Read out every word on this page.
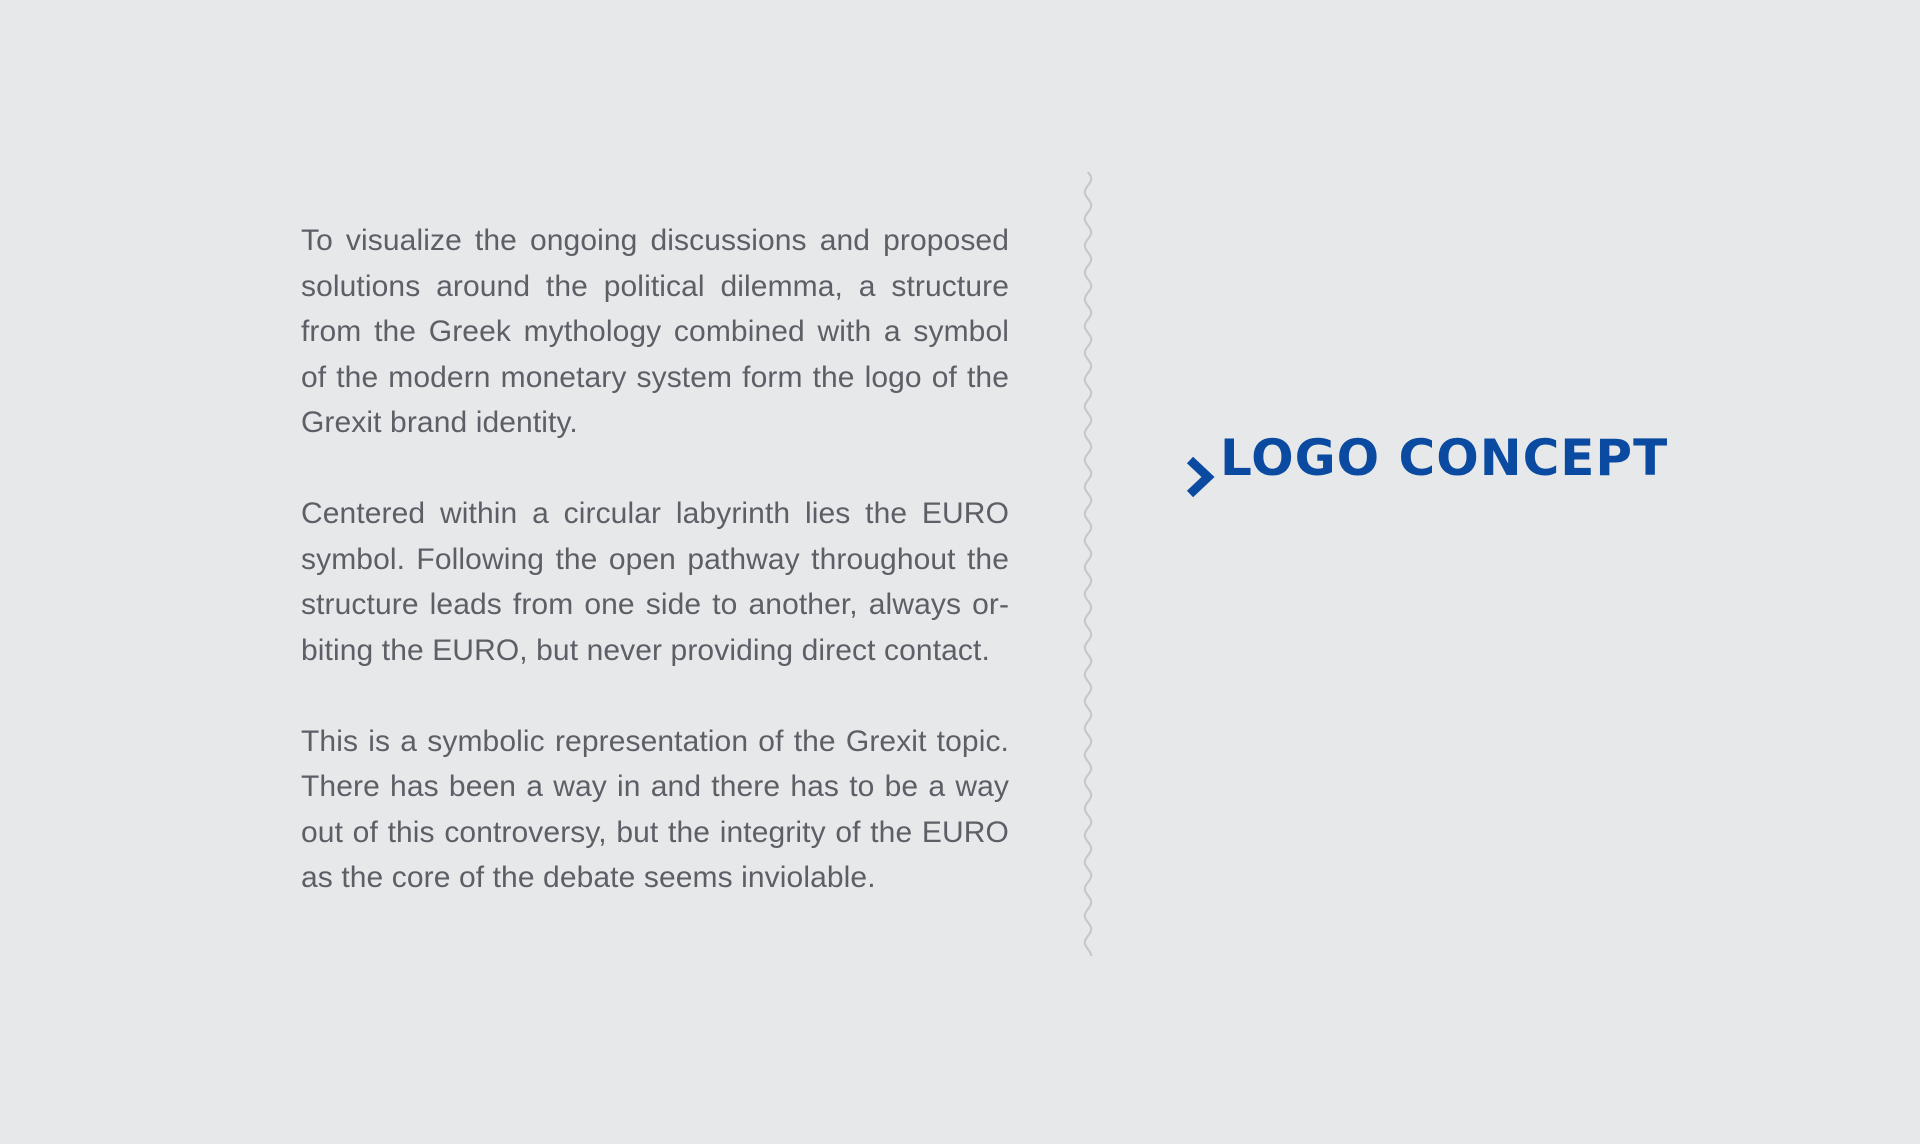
To visualize the ongoing discussions and proposed solutions around the political dilemma, a structure from the Greek mythology combined with a symbol of the modern monetary system form the logo of the Grexit brand identity.

Centered within a circular labyrinth lies the EURO symbol. Following the open pathway throughout the structure leads from one side to another, always orbiting the EURO, but never providing direct contact.

This is a symbolic representation of the Grexit topic. There has been a way in and there has to be a way out of this controversy, but the integrity of the EURO as the core of the debate seems inviolable.

LOGO CONCEPT
